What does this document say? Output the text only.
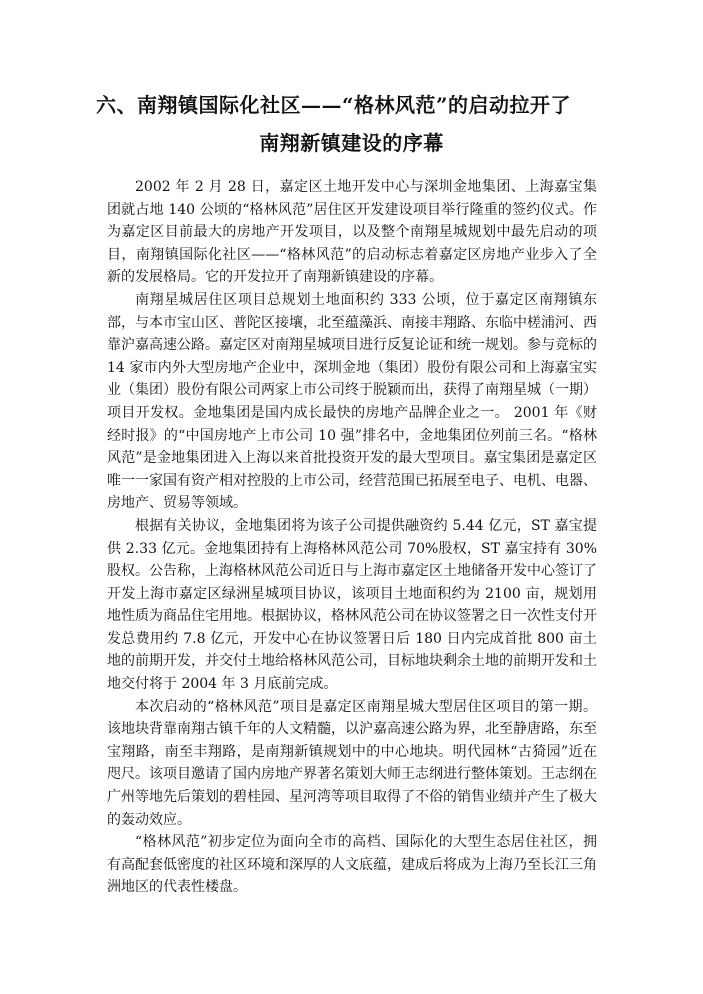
六、南翔镇国际化社区——“格林风范”的启动拉开了
南翔新镇建设的序幕

2002 年 2 月 28 日，嘉定区土地开发中心与深圳金地集团、上海嘉宝集团就占地 140 公顷的“格林风范”居住区开发建设项目举行隆重的签约仪式。作为嘉定区目前最大的房地产开发项目，以及整个南翔星城规划中最先启动的项目，南翔镇国际化社区——“格林风范”的启动标志着嘉定区房地产业步入了全新的发展格局。它的开发拉开了南翔新镇建设的序幕。

南翔星城居住区项目总规划土地面积约 333 公顷，位于嘉定区南翔镇东部，与本市宝山区、普陀区接壤，北至蕴藻浜、南接丰翔路、东临中槎浦河、西靠沪嘉高速公路。嘉定区对南翔星城项目进行反复论证和统一规划。参与竞标的 14 家市内外大型房地产企业中，深圳金地（集团）股份有限公司和上海嘉宝实业（集团）股份有限公司两家上市公司终于脱颖而出，获得了南翔星城（一期）项目开发权。金地集团是国内成长最快的房地产品牌企业之一。 2001 年《财经时报》的“中国房地产上市公司 10 强”排名中，金地集团位列前三名。“格林风范”是金地集团进入上海以来首批投资开发的最大型项目。嘉宝集团是嘉定区唯一一家国有资产相对控股的上市公司，经营范围已拓展至电子、电机、电器、房地产、贸易等领域。

根据有关协议，金地集团将为该子公司提供融资约 5.44 亿元，ST 嘉宝提供 2.33 亿元。金地集团持有上海格林风范公司 70%股权，ST 嘉宝持有 30%股权。公告称，上海格林风范公司近日与上海市嘉定区土地储备开发中心签订了开发上海市嘉定区绿洲星城项目协议，该项目土地面积约为 2100 亩，规划用地性质为商品住宅用地。根据协议，格林风范公司在协议签署之日一次性支付开发总费用约 7.8 亿元，开发中心在协议签署日后 180 日内完成首批 800 亩土地的前期开发，并交付土地给格林风范公司，目标地块剩余土地的前期开发和土地交付将于 2004 年 3 月底前完成。

本次启动的“格林风范”项目是嘉定区南翔星城大型居住区项目的第一期。该地块背靠南翔古镇千年的人文精髓，以沪嘉高速公路为界，北至静唐路，东至宝翔路，南至丰翔路，是南翔新镇规划中的中心地块。明代园林“古猗园”近在咫尺。该项目邀请了国内房地产界著名策划大师王志纲进行整体策划。王志纲在广州等地先后策划的碧桂园、星河湾等项目取得了不俗的销售业绩并产生了极大的轰动效应。

“格林风范”初步定位为面向全市的高档、国际化的大型生态居住社区，拥有高配套低密度的社区环境和深厚的人文底蕴，建成后将成为上海乃至长江三角洲地区的代表性楼盘。
